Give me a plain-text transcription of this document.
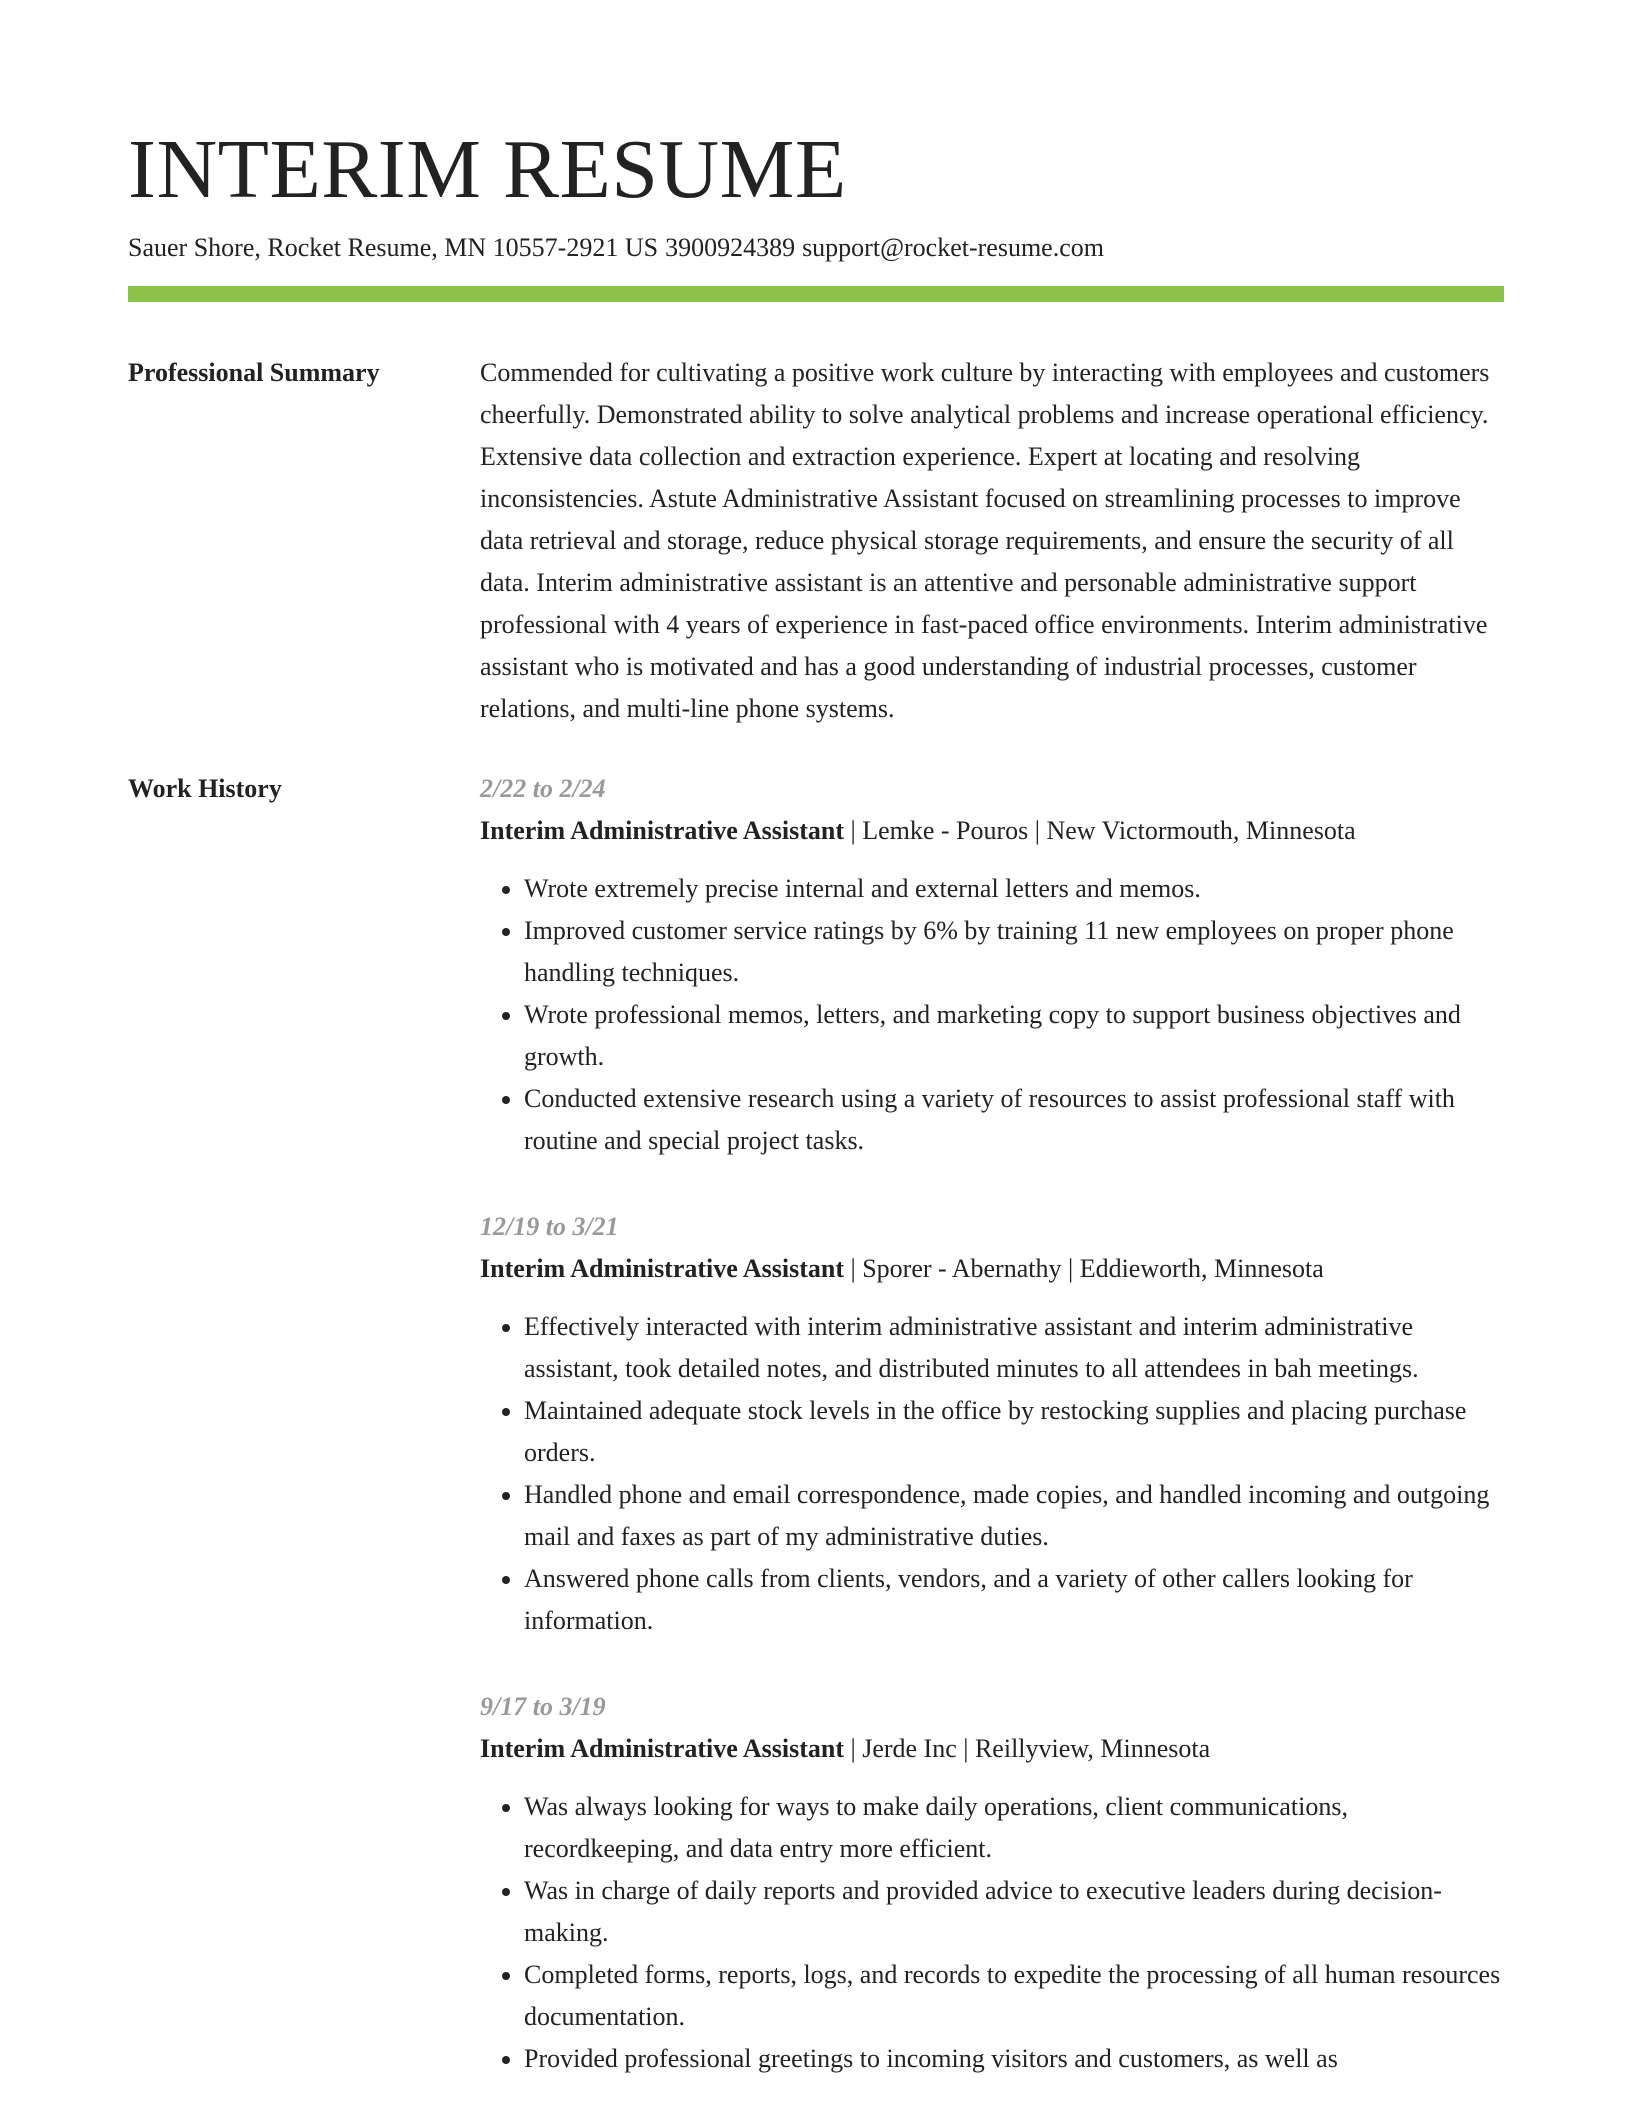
INTERIM RESUME
Sauer Shore, Rocket Resume, MN 10557-2921 US 3900924389 support@rocket-resume.com
Professional Summary	Commended for cultivating a positive work culture by interacting with employees and customers cheerfully. Demonstrated ability to solve analytical problems and increase operational efficiency. Extensive data collection and extraction experience. Expert at locating and resolving inconsistencies. Astute Administrative Assistant focused on streamlining processes to improve data retrieval and storage, reduce physical storage requirements, and ensure the security of all data. Interim administrative assistant is an attentive and personable administrative support professional with 4 years of experience in fast-paced office environments. Interim administrative assistant who is motivated and has a good understanding of industrial processes, customer relations, and multi-line phone systems.

Work History	2/22 to 2/24
Interim Administrative Assistant | Lemke - Pouros | New Victormouth, Minnesota
• Wrote extremely precise internal and external letters and memos.
• Improved customer service ratings by 6% by training 11 new employees on proper phone handling techniques.
• Wrote professional memos, letters, and marketing copy to support business objectives and growth.
• Conducted extensive research using a variety of resources to assist professional staff with routine and special project tasks.
12/19 to 3/21
Interim Administrative Assistant | Sporer - Abernathy | Eddieworth, Minnesota
• Effectively interacted with interim administrative assistant and interim administrative assistant, took detailed notes, and distributed minutes to all attendees in bah meetings.
• Maintained adequate stock levels in the office by restocking supplies and placing purchase orders.
• Handled phone and email correspondence, made copies, and handled incoming and outgoing mail and faxes as part of my administrative duties.
• Answered phone calls from clients, vendors, and a variety of other callers looking for information.
9/17 to 3/19
Interim Administrative Assistant | Jerde Inc | Reillyview, Minnesota
• Was always looking for ways to make daily operations, client communications, recordkeeping, and data entry more efficient.
• Was in charge of daily reports and provided advice to executive leaders during decision-making.
• Completed forms, reports, logs, and records to expedite the processing of all human resources documentation.
• Provided professional greetings to incoming visitors and customers, as well as
